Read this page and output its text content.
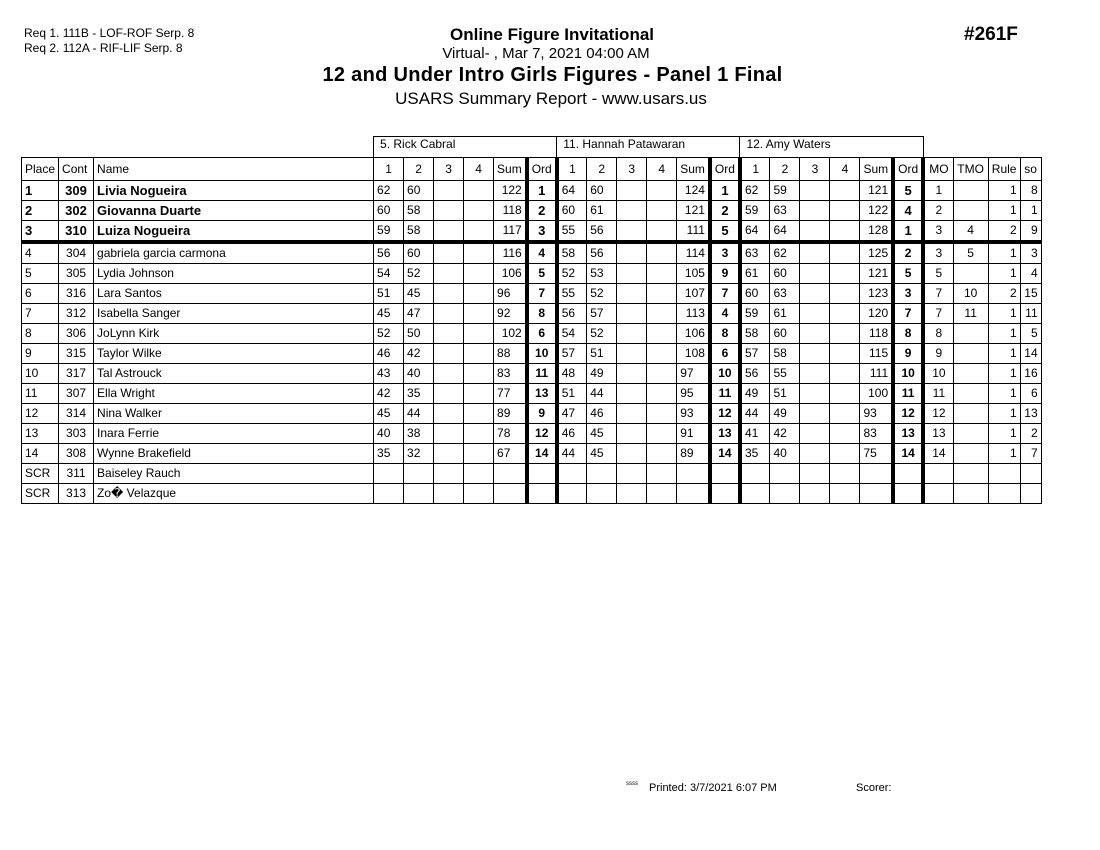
Req 1. 111B - LOF-ROF Serp. 8
Req 2. 112A - RIF-LIF Serp. 8
Online Figure Invitational
Virtual- , Mar 7, 2021 04:00 AM
12 and Under Intro Girls Figures - Panel 1 Final
USARS Summary Report - www.usars.us
#261F
			5. Rick Cabral						11. Hannah Patawaran						12. Amy Waters									
Place	Cont	Name	1	2	3	4	Sum	Ord	1	2	3	4	Sum	Ord	1	2	3	4	Sum	Ord	MO	TMO	Rule	so
1	309	Livia Nogueira	62	60			122	1	64	60			124	1	62	59			121	5	1		1	8
2	302	Giovanna Duarte	60	58			118	2	60	61			121	2	59	63			122	4	2		1	1
3	310	Luiza Nogueira	59	58			117	3	55	56			111	5	64	64			128	1	3	4	2	9
4	304	gabriela garcia carmona	56	60			116	4	58	56			114	3	63	62			125	2	3	5	1	3
5	305	Lydia Johnson	54	52			106	5	52	53			105	9	61	60			121	5	5		1	4
6	316	Lara Santos	51	45			96	7	55	52			107	7	60	63			123	3	7	10	2	15
7	312	Isabella Sanger	45	47			92	8	56	57			113	4	59	61			120	7	7	11	1	11
8	306	JoLynn Kirk	52	50			102	6	54	52			106	8	58	60			118	8	8		1	5
9	315	Taylor Wilke	46	42			88	10	57	51			108	6	57	58			115	9	9		1	14
10	317	Tal Astrouck	43	40			83	11	48	49			97	10	56	55			111	10	10		1	16
11	307	Ella Wright	42	35			77	13	51	44			95	11	49	51			100	11	11		1	6
12	314	Nina Walker	45	44			89	9	47	46			93	12	44	49			93	12	12		1	13
13	303	Inara Ferrie	40	38			78	12	46	45			91	13	41	42			83	13	13		1	2
14	308	Wynne Brakefield	35	32			67	14	44	45			89	14	35	40			75	14	14		1	7
SCR	311	Baiseley Rauch																						
SCR	313	Zo� Velazque																						
ssss Printed: 3/7/2021 6:07 PM	Scorer:
